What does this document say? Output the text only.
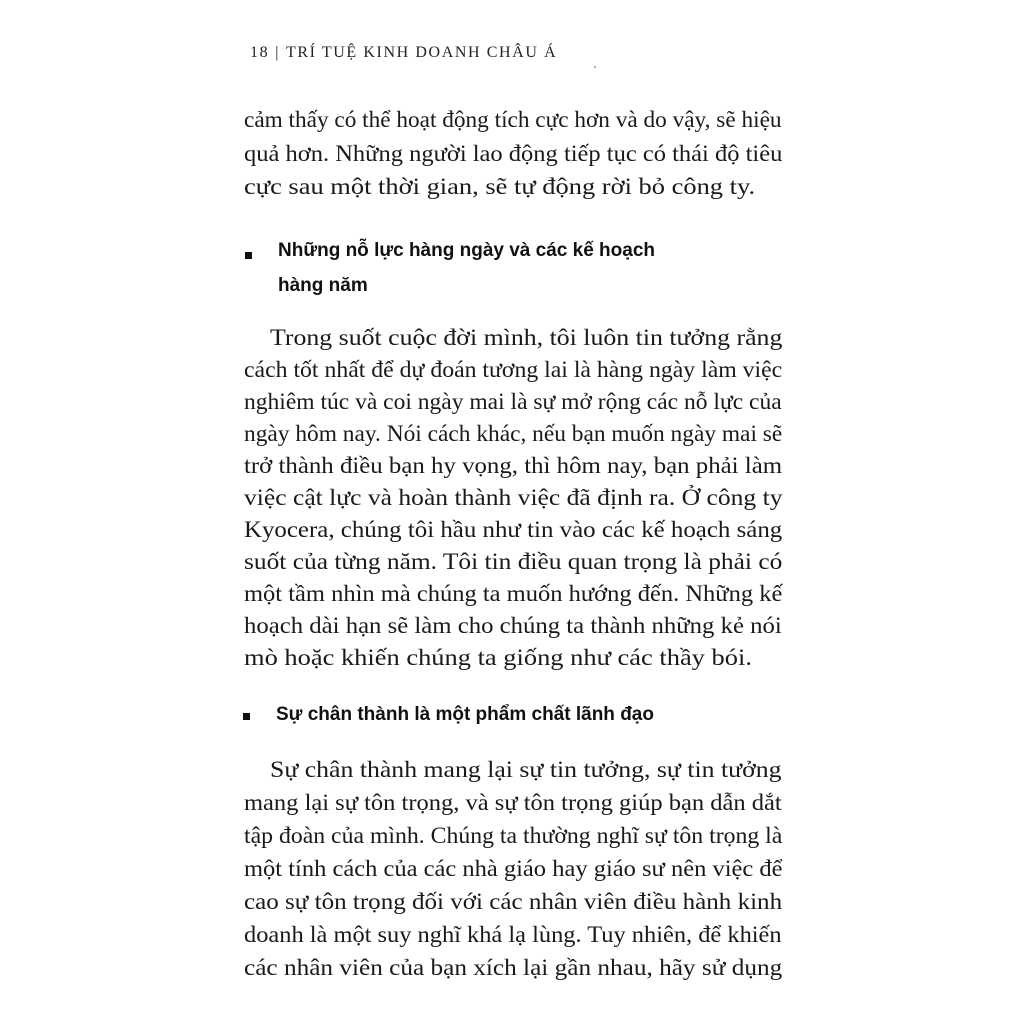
18 | TRÍ TUỆ KINH DOANH CHÂU Á
cảm thấy có thể hoạt động tích cực hơn và do vậy, sẽ hiệu
quả hơn. Những người lao động tiếp tục có thái độ tiêu
cực sau một thời gian, sẽ tự động rời bỏ công ty.
Những nỗ lực hàng ngày và các kế hoạch
hàng năm
Trong suốt cuộc đời mình, tôi luôn tin tưởng rằng
cách tốt nhất để dự đoán tương lai là hàng ngày làm việc
nghiêm túc và coi ngày mai là sự mở rộng các nỗ lực của
ngày hôm nay. Nói cách khác, nếu bạn muốn ngày mai sẽ
trở thành điều bạn hy vọng, thì hôm nay, bạn phải làm
việc cật lực và hoàn thành việc đã định ra. Ở công ty
Kyocera, chúng tôi hầu như tin vào các kế hoạch sáng
suốt của từng năm. Tôi tin điều quan trọng là phải có
một tầm nhìn mà chúng ta muốn hướng đến. Những kế
hoạch dài hạn sẽ làm cho chúng ta thành những kẻ nói
mò hoặc khiến chúng ta giống như các thầy bói.
Sự chân thành là một phẩm chất lãnh đạo
Sự chân thành mang lại sự tin tưởng, sự tin tưởng
mang lại sự tôn trọng, và sự tôn trọng giúp bạn dẫn dắt
tập đoàn của mình. Chúng ta thường nghĩ sự tôn trọng là
một tính cách của các nhà giáo hay giáo sư nên việc để
cao sự tôn trọng đối với các nhân viên điều hành kinh
doanh là một suy nghĩ khá lạ lùng. Tuy nhiên, để khiến
các nhân viên của bạn xích lại gần nhau, hãy sử dụng
